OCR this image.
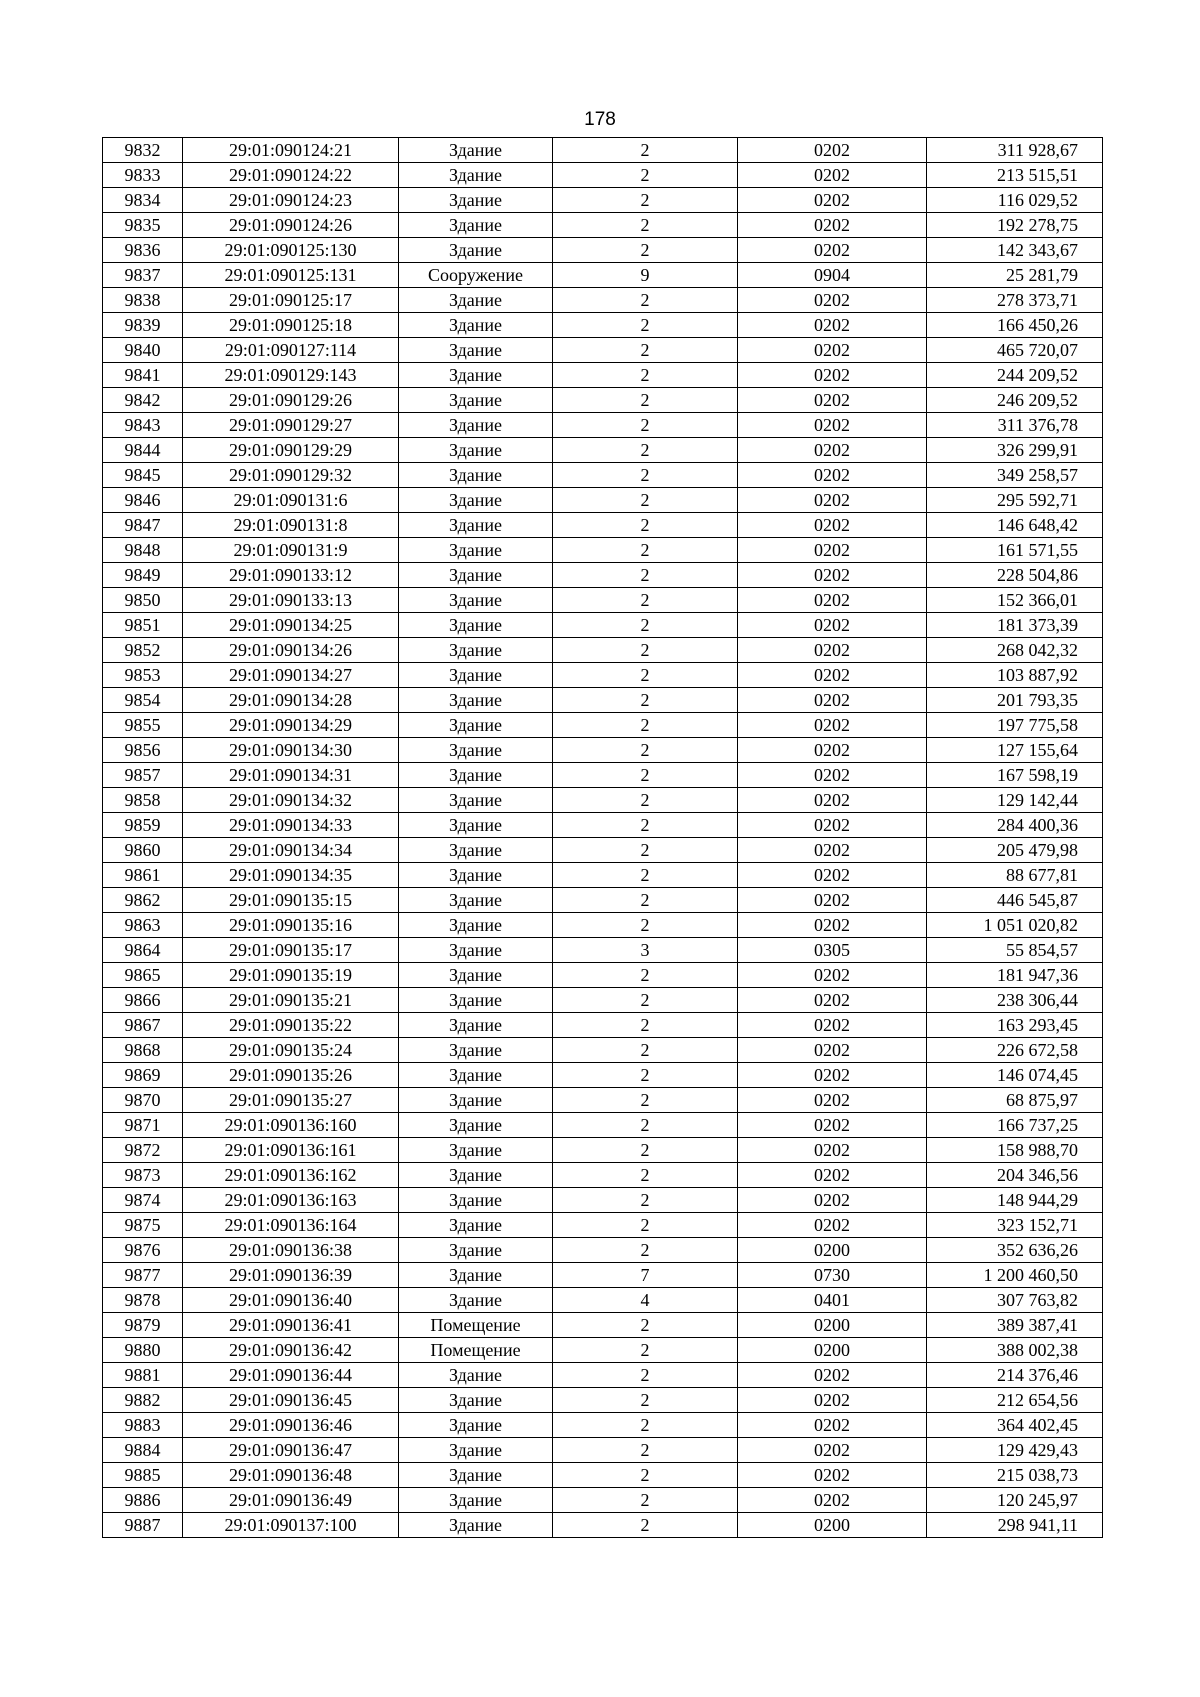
178
9832	29:01:090124:21	Здание	2	0202	311 928,67
9833	29:01:090124:22	Здание	2	0202	213 515,51
9834	29:01:090124:23	Здание	2	0202	116 029,52
9835	29:01:090124:26	Здание	2	0202	192 278,75
9836	29:01:090125:130	Здание	2	0202	142 343,67
9837	29:01:090125:131	Сооружение	9	0904	25 281,79
9838	29:01:090125:17	Здание	2	0202	278 373,71
9839	29:01:090125:18	Здание	2	0202	166 450,26
9840	29:01:090127:114	Здание	2	0202	465 720,07
9841	29:01:090129:143	Здание	2	0202	244 209,52
9842	29:01:090129:26	Здание	2	0202	246 209,52
9843	29:01:090129:27	Здание	2	0202	311 376,78
9844	29:01:090129:29	Здание	2	0202	326 299,91
9845	29:01:090129:32	Здание	2	0202	349 258,57
9846	29:01:090131:6	Здание	2	0202	295 592,71
9847	29:01:090131:8	Здание	2	0202	146 648,42
9848	29:01:090131:9	Здание	2	0202	161 571,55
9849	29:01:090133:12	Здание	2	0202	228 504,86
9850	29:01:090133:13	Здание	2	0202	152 366,01
9851	29:01:090134:25	Здание	2	0202	181 373,39
9852	29:01:090134:26	Здание	2	0202	268 042,32
9853	29:01:090134:27	Здание	2	0202	103 887,92
9854	29:01:090134:28	Здание	2	0202	201 793,35
9855	29:01:090134:29	Здание	2	0202	197 775,58
9856	29:01:090134:30	Здание	2	0202	127 155,64
9857	29:01:090134:31	Здание	2	0202	167 598,19
9858	29:01:090134:32	Здание	2	0202	129 142,44
9859	29:01:090134:33	Здание	2	0202	284 400,36
9860	29:01:090134:34	Здание	2	0202	205 479,98
9861	29:01:090134:35	Здание	2	0202	88 677,81
9862	29:01:090135:15	Здание	2	0202	446 545,87
9863	29:01:090135:16	Здание	2	0202	1 051 020,82
9864	29:01:090135:17	Здание	3	0305	55 854,57
9865	29:01:090135:19	Здание	2	0202	181 947,36
9866	29:01:090135:21	Здание	2	0202	238 306,44
9867	29:01:090135:22	Здание	2	0202	163 293,45
9868	29:01:090135:24	Здание	2	0202	226 672,58
9869	29:01:090135:26	Здание	2	0202	146 074,45
9870	29:01:090135:27	Здание	2	0202	68 875,97
9871	29:01:090136:160	Здание	2	0202	166 737,25
9872	29:01:090136:161	Здание	2	0202	158 988,70
9873	29:01:090136:162	Здание	2	0202	204 346,56
9874	29:01:090136:163	Здание	2	0202	148 944,29
9875	29:01:090136:164	Здание	2	0202	323 152,71
9876	29:01:090136:38	Здание	2	0200	352 636,26
9877	29:01:090136:39	Здание	7	0730	1 200 460,50
9878	29:01:090136:40	Здание	4	0401	307 763,82
9879	29:01:090136:41	Помещение	2	0200	389 387,41
9880	29:01:090136:42	Помещение	2	0200	388 002,38
9881	29:01:090136:44	Здание	2	0202	214 376,46
9882	29:01:090136:45	Здание	2	0202	212 654,56
9883	29:01:090136:46	Здание	2	0202	364 402,45
9884	29:01:090136:47	Здание	2	0202	129 429,43
9885	29:01:090136:48	Здание	2	0202	215 038,73
9886	29:01:090136:49	Здание	2	0202	120 245,97
9887	29:01:090137:100	Здание	2	0200	298 941,11
